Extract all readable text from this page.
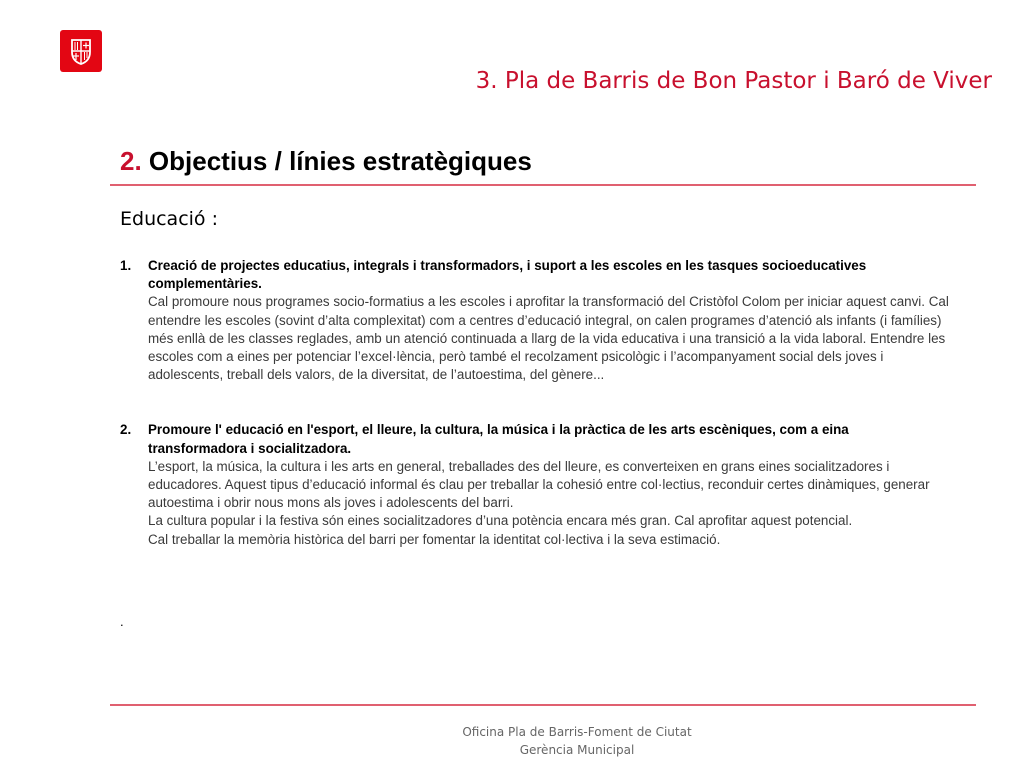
3. Pla de Barris de Bon Pastor i Baró de Viver
2. Objectius / línies estratègiques
Educació :
1. Creació de projectes educatius, integrals i transformadors, i suport a les escoles en les tasques socioeducatives complementàries.

Cal promoure nous programes socio-formatius a les escoles i aprofitar la transformació del Cristòfol Colom per iniciar aquest canvi. Cal entendre les escoles (sovint d’alta complexitat) com a centres d’educació integral, on calen programes d’atenció als infants (i famílies) més enllà de les classes reglades, amb un atenció continuada a llarg de la vida educativa i una transició a la vida laboral. Entendre les escoles com a eines per potenciar l’excel·lència, però també el recolzament psicològic i l’acompanyament social dels joves i adolescents, treball dels valors, de la diversitat, de l’autoestima, del gènere...

2. Promoure l' educació en l'esport, el lleure, la cultura, la música i la pràctica de les arts escèniques, com a eina transformadora i socialitzadora.

L’esport, la música, la cultura i les arts en general, treballades des del lleure, es converteixen en grans eines socialitzadores i educadores. Aquest tipus d’educació informal és clau per treballar la cohesió entre col·lectius, reconduir certes dinàmiques, generar autoestima i obrir nous mons als joves i adolescents del barri.

La cultura popular i la festiva són eines socialitzadores d’una potència encara més gran. Cal aprofitar aquest potencial.

Cal treballar la memòria històrica del barri per fomentar la identitat col·lectiva i la seva estimació.

.
Oficina Pla de Barris-Foment de Ciutat
Gerència Municipal
